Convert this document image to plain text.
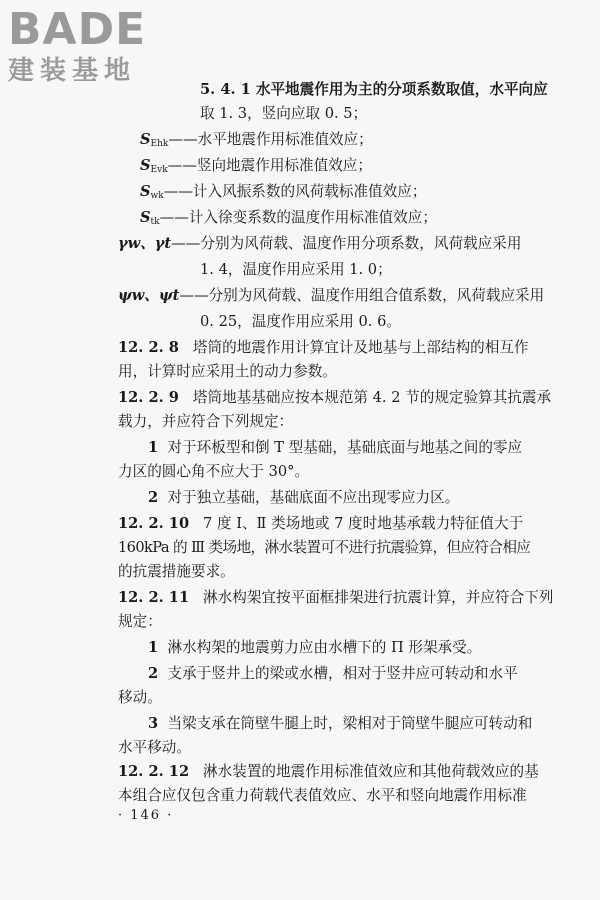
BADE
建装基地
5. 4. 1 水平地震作用为主的分项系数取值，水平向应
取 1. 3，竖向应取 0. 5；
$S_{Ehk}——$水平地震作用标准值效应；
$S_{Evk}——$竖向地震作用标准值效应；
$S_{wk}——$计入风振系数的风荷载标准值效应；
$S_{tk}——$计入徐变系数的温度作用标准值效应；
γw、γt——分别为风荷载、温度作用分项系数，风荷载应采用
1. 4，温度作用应采用 1. 0；
ψw、ψt——分别为风荷载、温度作用组合值系数，风荷载应采用
0. 25，温度作用应采用 0. 6。
12. 2. 8 塔筒的地震作用计算宜计及地基与上部结构的相互作
用，计算时应采用土的动力参数。
12. 2. 9 塔筒地基基础应按本规范第 4. 2 节的规定验算其抗震承
载力，并应符合下列规定：
1 对于环板型和倒 T 型基础，基础底面与地基之间的零应
力区的圆心角不应大于 30°。
2 对于独立基础，基础底面不应出现零应力区。
12. 2. 10 7 度 Ⅰ、Ⅱ 类场地或 7 度时地基承载力特征值大于
160kPa 的 Ⅲ 类场地，淋水装置可不进行抗震验算，但应符合相应
的抗震措施要求。
12. 2. 11 淋水构架宜按平面框排架进行抗震计算，并应符合下列
规定：
1 淋水构架的地震剪力应由水槽下的 Π 形架承受。
2 支承于竖井上的梁或水槽，相对于竖井应可转动和水平
移动。
3 当梁支承在筒壁牛腿上时，梁相对于筒壁牛腿应可转动和
水平移动。
12. 2. 12 淋水装置的地震作用标准值效应和其他荷载效应的基
本组合应仅包含重力荷载代表值效应、水平和竖向地震作用标准
· 146 ·
